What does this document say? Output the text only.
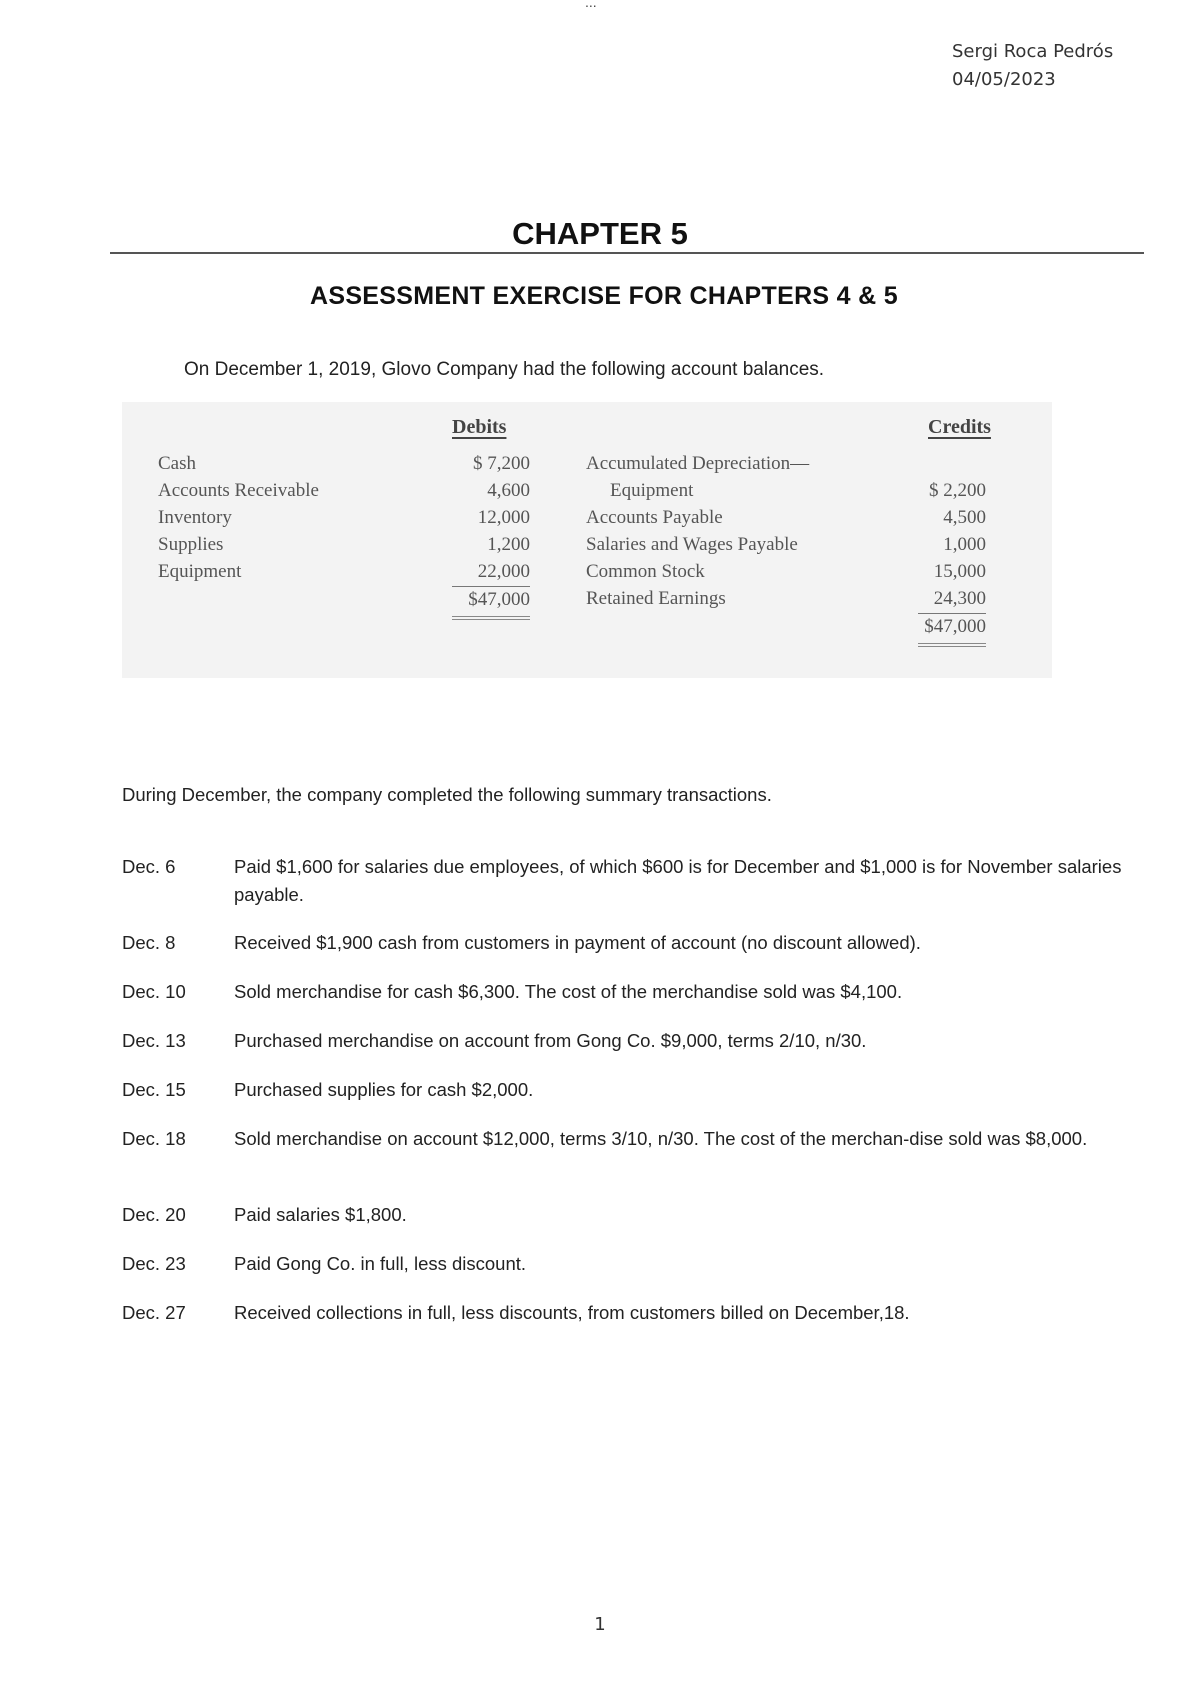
...
Sergi Roca Pedrós
04/05/2023
CHAPTER 5
ASSESSMENT EXERCISE FOR CHAPTERS 4 & 5
On December 1, 2019, Glovo Company had the following account balances.
Debits	Credits
Cash	$ 7,200
Accounts Receivable	4,600
Inventory	12,000
Supplies	1,200
Equipment	22,000
$47,000
Accumulated Depreciation—
Equipment	$ 2,200
Accounts Payable	4,500
Salaries and Wages Payable	1,000
Common Stock	15,000
Retained Earnings	24,300
$47,000
During December, the company completed the following summary transactions.
Dec. 6	Paid $1,600 for salaries due employees, of which $600 is for December and $1,000 is for November salaries payable.
Dec. 8	Received $1,900 cash from customers in payment of account (no discount allowed).
Dec. 10	Sold merchandise for cash $6,300. The cost of the merchandise sold was $4,100.
Dec. 13	Purchased merchandise on account from Gong Co. $9,000, terms 2/10, n/30.
Dec. 15	Purchased supplies for cash $2,000.
Dec. 18	Sold merchandise on account $12,000, terms 3/10, n/30. The cost of the merchan-dise sold was $8,000.
Dec. 20	Paid salaries $1,800.
Dec. 23	Paid Gong Co. in full, less discount.
Dec. 27	Received collections in full, less discounts, from customers billed on December,18.
1
